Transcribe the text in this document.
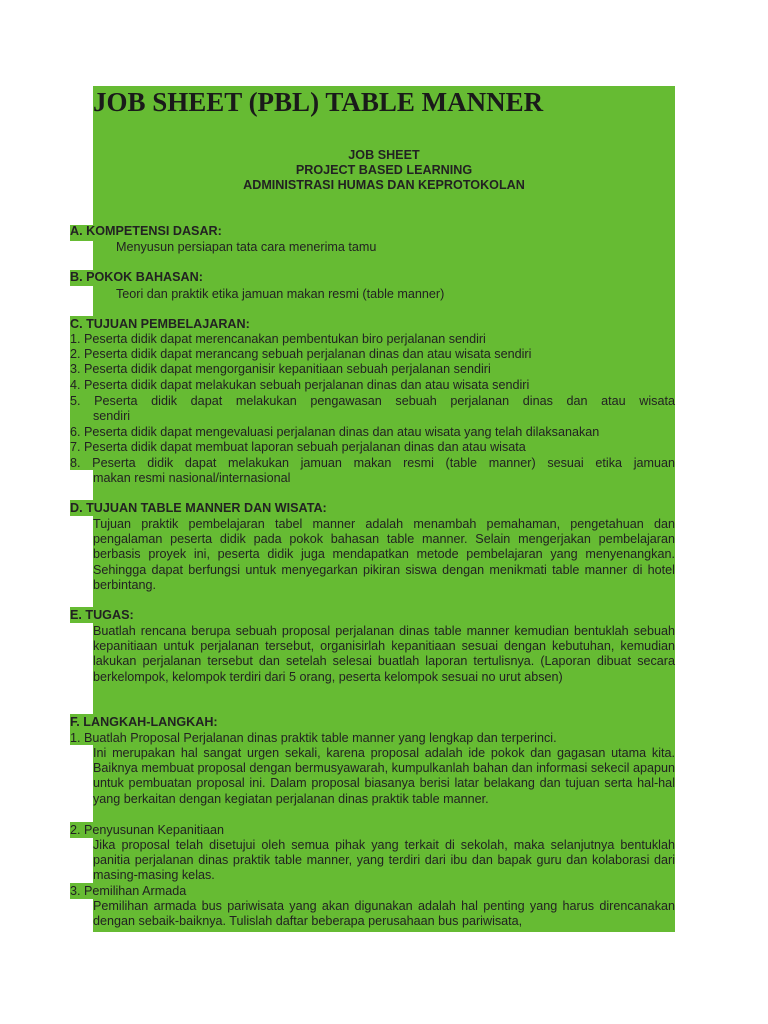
JOB SHEET (PBL) TABLE MANNER
JOB SHEET
PROJECT BASED LEARNING
ADMINISTRASI HUMAS DAN KEPROTOKOLAN
A. KOMPETENSI DASAR:
Menyusun persiapan tata cara menerima tamu
B. POKOK BAHASAN:
Teori dan praktik etika jamuan makan resmi (table manner)
C. TUJUAN PEMBELAJARAN:
1. Peserta didik dapat merencanakan pembentukan biro perjalanan sendiri
2. Peserta didik dapat merancang sebuah perjalanan dinas dan atau wisata sendiri
3. Peserta didik dapat mengorganisir kepanitiaan sebuah perjalanan sendiri
4. Peserta didik dapat melakukan sebuah perjalanan dinas dan atau wisata sendiri
5. Peserta didik dapat melakukan pengawasan sebuah perjalanan dinas dan atau wisata
sendiri
6. Peserta didik dapat mengevaluasi perjalanan dinas dan atau wisata yang telah dilaksanakan
7. Peserta didik dapat membuat laporan sebuah perjalanan dinas dan atau wisata
8. Peserta didik dapat melakukan jamuan makan resmi (table manner) sesuai etika jamuan
makan resmi nasional/internasional
D. TUJUAN TABLE MANNER DAN WISATA:
Tujuan praktik pembelajaran tabel manner adalah menambah pemahaman, pengetahuan dan pengalaman peserta didik pada pokok bahasan table manner. Selain mengerjakan pembelajaran berbasis proyek ini, peserta didik juga mendapatkan metode pembelajaran yang menyenangkan. Sehingga dapat berfungsi untuk menyegarkan pikiran siswa dengan menikmati table manner di hotel berbintang.
E. TUGAS:
Buatlah rencana berupa sebuah proposal perjalanan dinas table manner kemudian bentuklah sebuah kepanitiaan untuk perjalanan tersebut, organisirlah kepanitiaan sesuai dengan kebutuhan, kemudian lakukan perjalanan tersebut dan setelah selesai buatlah laporan tertulisnya. (Laporan dibuat secara berkelompok, kelompok terdiri dari 5 orang, peserta kelompok sesuai no urut absen)
F. LANGKAH-LANGKAH:
1. Buatlah Proposal Perjalanan dinas praktik table manner yang lengkap dan terperinci.
Ini merupakan hal sangat urgen sekali, karena proposal adalah ide pokok dan gagasan utama kita. Baiknya membuat proposal dengan bermusyawarah, kumpulkanlah bahan dan informasi sekecil apapun untuk pembuatan proposal ini. Dalam proposal biasanya berisi latar belakang dan tujuan serta hal-hal yang berkaitan dengan kegiatan perjalanan dinas praktik table manner.
2. Penyusunan Kepanitiaan
Jika proposal telah disetujui oleh semua pihak yang terkait di sekolah, maka selanjutnya bentuklah panitia perjalanan dinas praktik table manner, yang terdiri dari ibu dan bapak guru dan kolaborasi dari masing-masing kelas.
3. Pemilihan Armada
Pemilihan armada bus pariwisata yang akan digunakan adalah hal penting yang harus direncanakan dengan sebaik-baiknya. Tulislah daftar beberapa perusahaan bus pariwisata,
